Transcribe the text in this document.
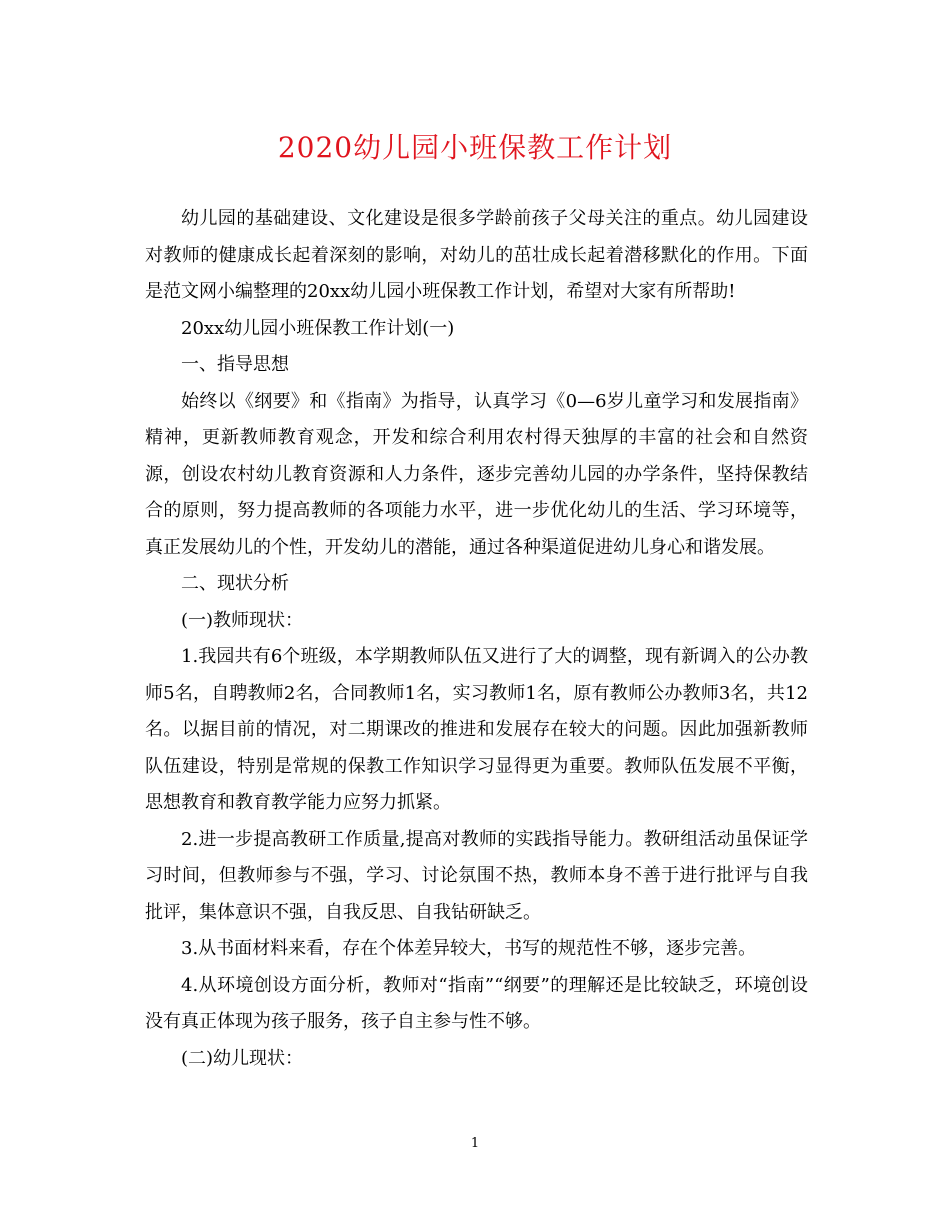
2020幼儿园小班保教工作计划

幼儿园的基础建设、文化建设是很多学龄前孩子父母关注的重点。幼儿园建设对教师的健康成长起着深刻的影响，对幼儿的茁壮成长起着潜移默化的作用。下面是范文网小编整理的20xx幼儿园小班保教工作计划，希望对大家有所帮助!

20xx幼儿园小班保教工作计划(一)

一、指导思想

始终以《纲要》和《指南》为指导，认真学习《0—6岁儿童学习和发展指南》精神，更新教师教育观念，开发和综合利用农村得天独厚的丰富的社会和自然资源，创设农村幼儿教育资源和人力条件，逐步完善幼儿园的办学条件，坚持保教结合的原则，努力提高教师的各项能力水平，进一步优化幼儿的生活、学习环境等，真正发展幼儿的个性，开发幼儿的潜能，通过各种渠道促进幼儿身心和谐发展。

二、现状分析

(一)教师现状：

1.我园共有6个班级，本学期教师队伍又进行了大的调整，现有新调入的公办教师5名，自聘教师2名，合同教师1名，实习教师1名，原有教师公办教师3名，共12名。以据目前的情况，对二期课改的推进和发展存在较大的问题。因此加强新教师队伍建设，特别是常规的保教工作知识学习显得更为重要。教师队伍发展不平衡，思想教育和教育教学能力应努力抓紧。

2.进一步提高教研工作质量,提高对教师的实践指导能力。教研组活动虽保证学习时间，但教师参与不强，学习、讨论氛围不热，教师本身不善于进行批评与自我批评，集体意识不强，自我反思、自我钻研缺乏。

3.从书面材料来看，存在个体差异较大，书写的规范性不够，逐步完善。

4.从环境创设方面分析，教师对“指南”“纲要”的理解还是比较缺乏，环境创设没有真正体现为孩子服务，孩子自主参与性不够。

(二)幼儿现状：

1
